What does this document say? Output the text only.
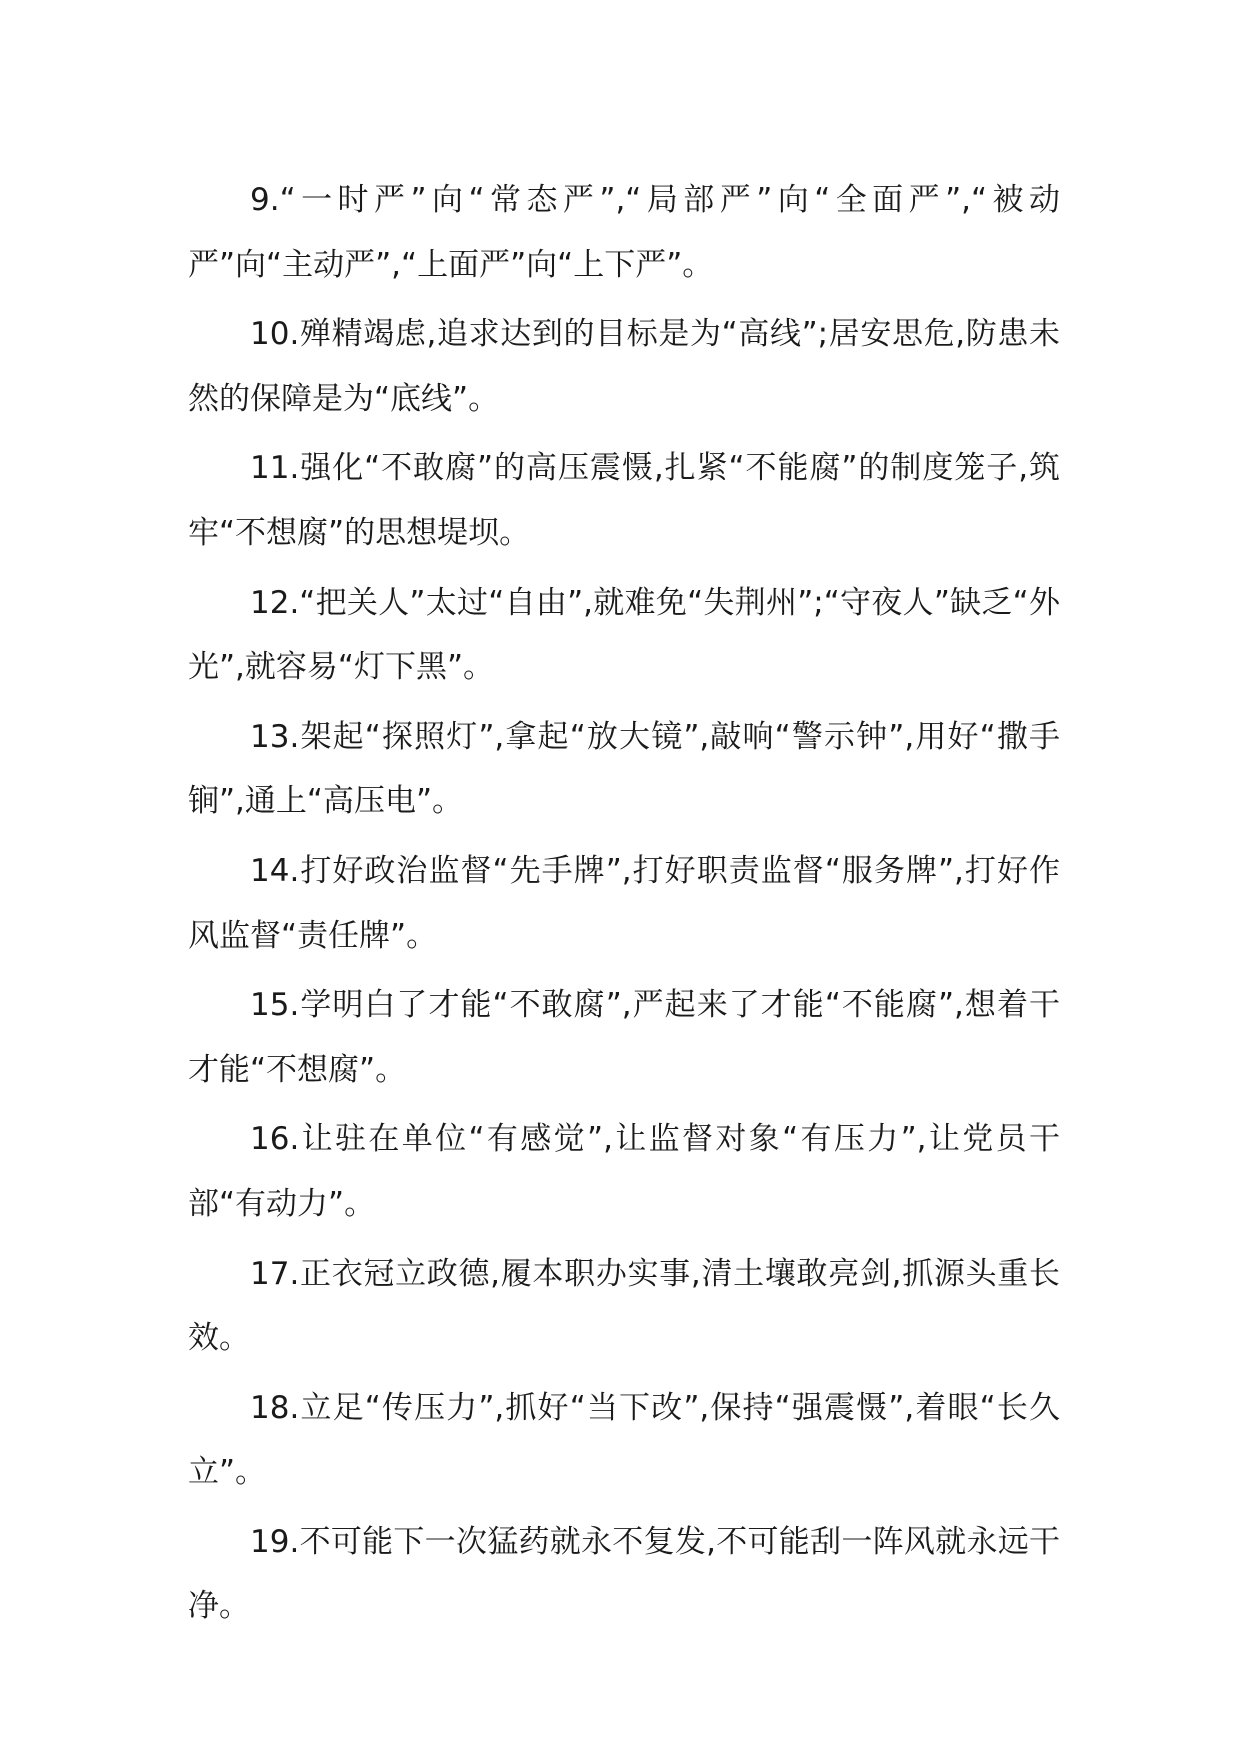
9.“一时严”向“常态严”,“局部严”向“全面严”,“被动严”向“主动严”,“上面严”向“上下严”。

10.殚精竭虑,追求达到的目标是为“高线”;居安思危,防患未然的保障是为“底线”。

11.强化“不敢腐”的高压震慑,扎紧“不能腐”的制度笼子,筑牢“不想腐”的思想堤坝。

12.“把关人”太过“自由”,就难免“失荆州”;“守夜人”缺乏“外光”,就容易“灯下黑”。

13.架起“探照灯”,拿起“放大镜”,敲响“警示钟”,用好“撒手锏”,通上“高压电”。

14.打好政治监督“先手牌”,打好职责监督“服务牌”,打好作风监督“责任牌”。

15.学明白了才能“不敢腐”,严起来了才能“不能腐”,想着干才能“不想腐”。

16.让驻在单位“有感觉”,让监督对象“有压力”,让党员干部“有动力”。

17.正衣冠立政德,履本职办实事,清土壤敢亮剑,抓源头重长效。

18.立足“传压力”,抓好“当下改”,保持“强震慑”,着眼“长久立”。

19.不可能下一次猛药就永不复发,不可能刮一阵风就永远干净。
